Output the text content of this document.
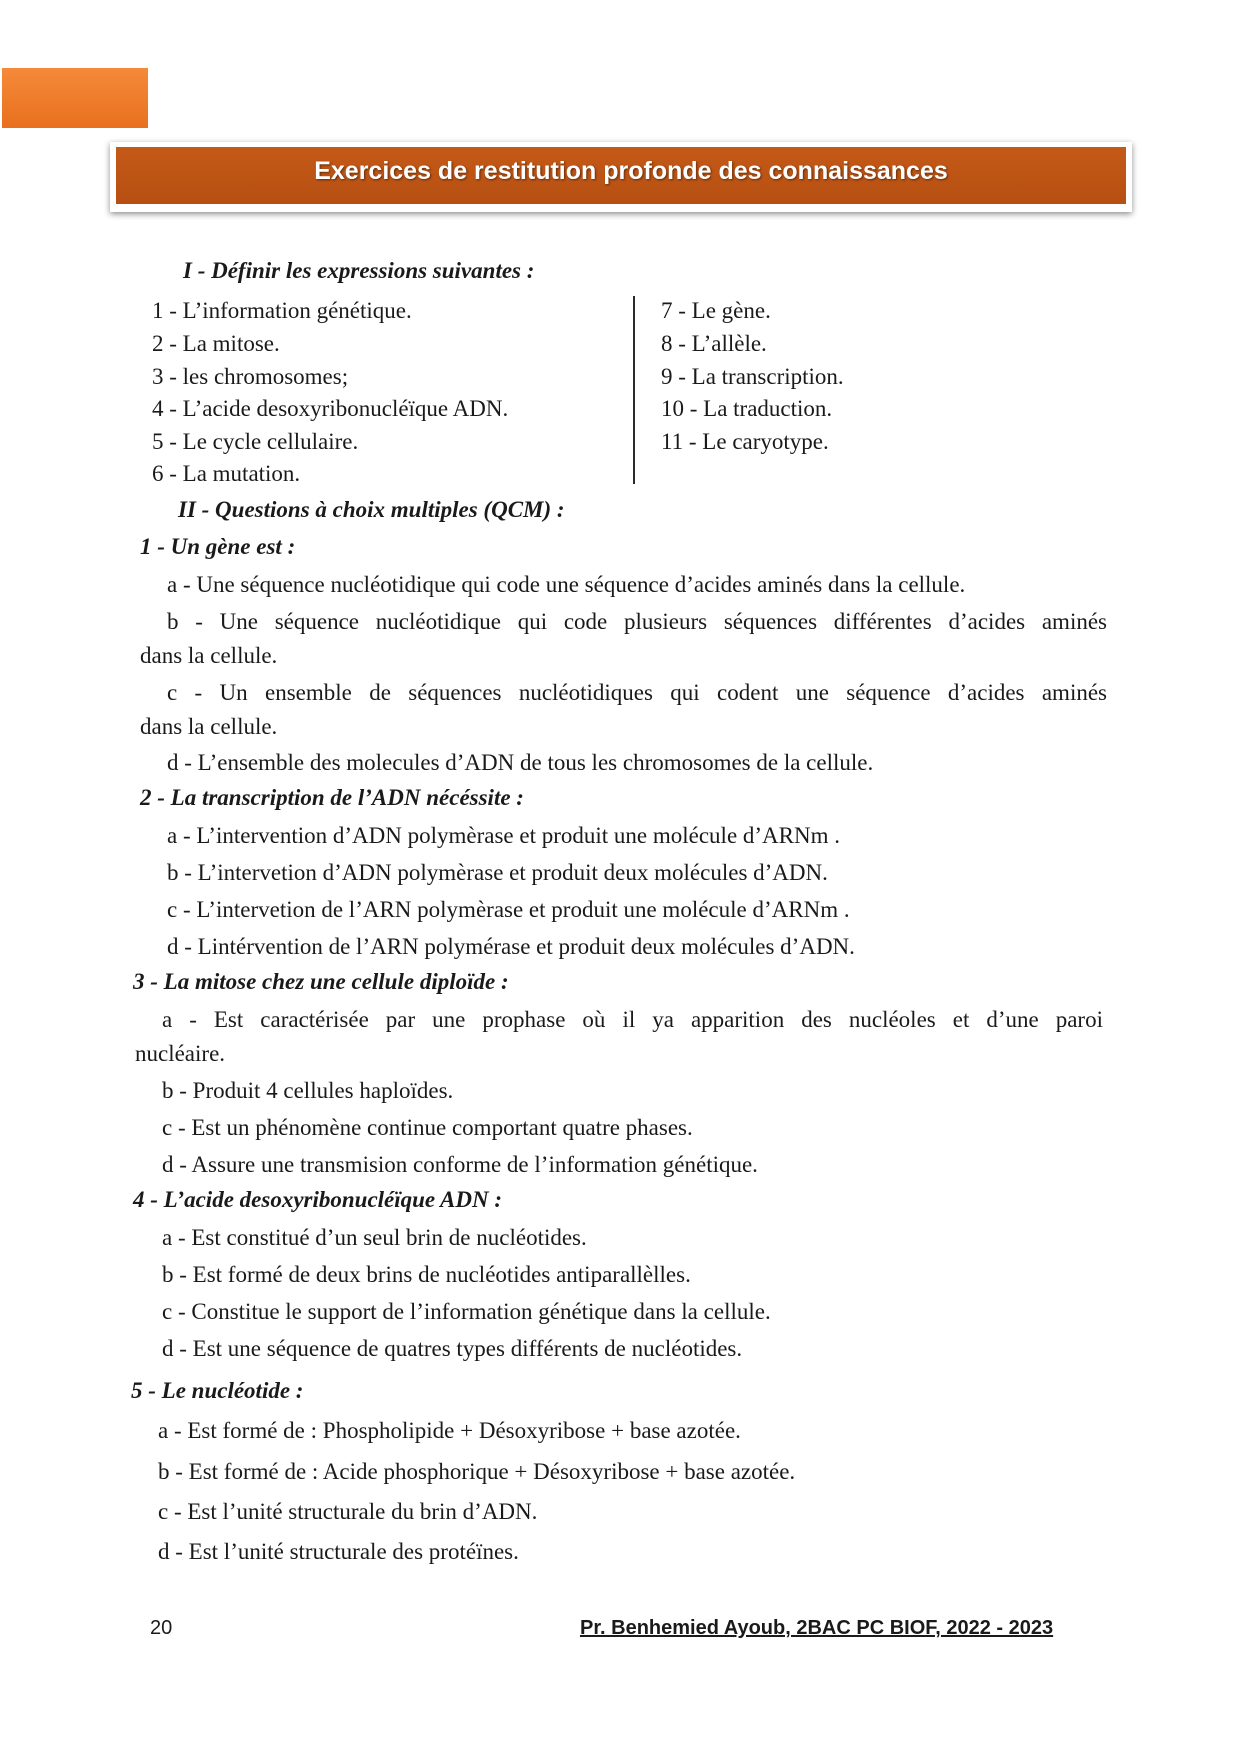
Exercices de restitution profonde des connaissances
I - Définir les expressions suivantes :
1 - L’information génétique.
2 - La mitose.
3 - les chromosomes;
4 - L’acide desoxyribonucléïque ADN.
5 - Le cycle cellulaire.
6 - La mutation.
7 - Le gène.
8 - L’allèle.
9 - La transcription.
10 - La traduction.
11 - Le caryotype.
II - Questions à choix multiples (QCM) :
1 - Un gène est :
a - Une séquence nucléotidique qui code une séquence d’acides aminés dans la cellule.
b - Une séquence nucléotidique qui code plusieurs séquences différentes d’acides aminés
dans la cellule.
c - Un ensemble de séquences nucléotidiques qui codent une séquence d’acides aminés
dans la cellule.
d - L’ensemble des molecules d’ADN de tous les chromosomes de la cellule.
2 - La transcription de l’ADN nécéssite :
a - L’intervention d’ADN polymèrase et produit une molécule d’ARNm .
b - L’intervetion d’ADN polymèrase et produit deux molécules d’ADN.
c - L’intervetion de l’ARN polymèrase et produit une molécule d’ARNm .
d - Lintérvention de l’ARN polymérase et produit deux molécules d’ADN.
3 - La mitose chez une cellule diploïde :
a - Est caractérisée par une prophase où il ya apparition des nucléoles et d’une paroi
nucléaire.
b - Produit 4 cellules haploïdes.
c - Est un phénomène continue comportant quatre phases.
d - Assure une transmision conforme de l’information génétique.
4 - L’acide desoxyribonucléïque ADN :
a - Est constitué d’un seul brin de nucléotides.
b - Est formé de deux brins de nucléotides antiparallèlles.
c - Constitue le support de l’information génétique dans la cellule.
d - Est une séquence de quatres types différents de nucléotides.
5 - Le nucléotide :
a - Est formé de : Phospholipide + Désoxyribose + base azotée.
b - Est formé de : Acide phosphorique + Désoxyribose + base azotée.
c - Est l’unité structurale du brin d’ADN.
d - Est l’unité structurale des protéïnes.
20	Pr. Benhemied Ayoub, 2BAC PC BIOF, 2022 - 2023
